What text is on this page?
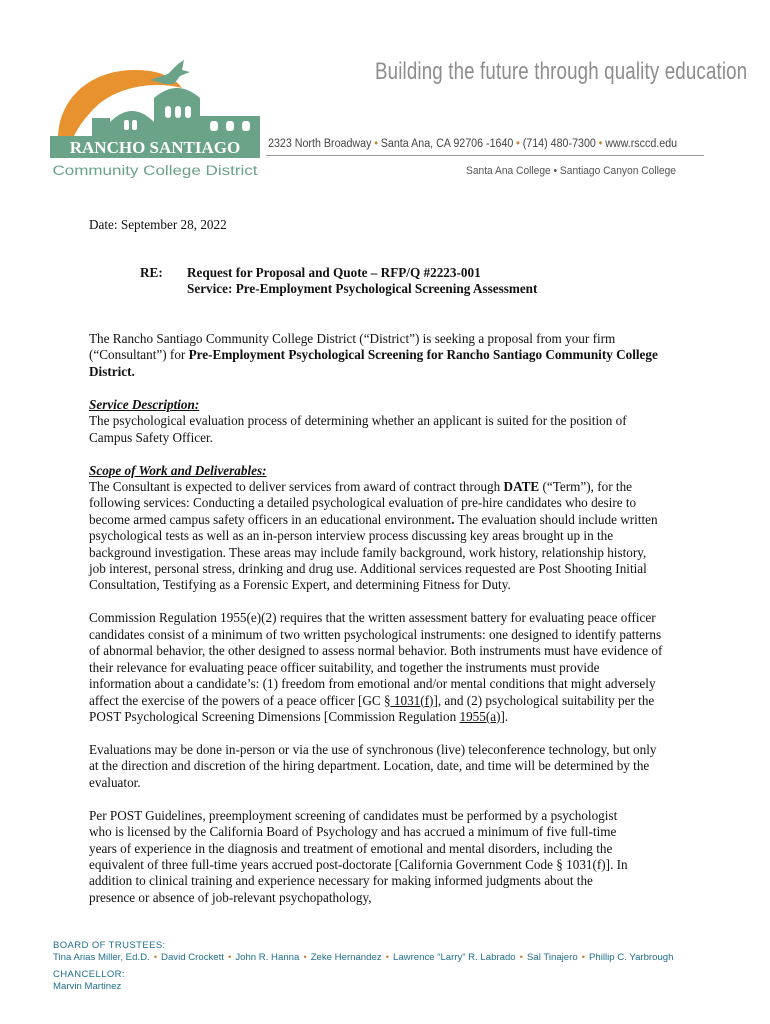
RANCHO SANTIAGO
Community College District
Building the future through quality education
2323 North Broadway • Santa Ana, CA 92706 -1640 • (714) 480-7300 • www.rsccd.edu
Santa Ana College • Santiago Canyon College
Date: September 28, 2022
RE: Request for Proposal and Quote – RFP/Q #2223-001
Service: Pre-Employment Psychological Screening Assessment

The Rancho Santiago Community College District (“District”) is seeking a proposal from your firm (“Consultant”) for Pre-Employment Psychological Screening for Rancho Santiago Community College District.

Service Description:
The psychological evaluation process of determining whether an applicant is suited for the position of Campus Safety Officer.

Scope of Work and Deliverables:
The Consultant is expected to deliver services from award of contract through DATE (“Term”), for the following services: Conducting a detailed psychological evaluation of pre-hire candidates who desire to become armed campus safety officers in an educational environment. The evaluation should include written psychological tests as well as an in-person interview process discussing key areas brought up in the background investigation. These areas may include family background, work history, relationship history, job interest, personal stress, drinking and drug use. Additional services requested are Post Shooting Initial Consultation, Testifying as a Forensic Expert, and determining Fitness for Duty.

Commission Regulation 1955(e)(2) requires that the written assessment battery for evaluating peace officer candidates consist of a minimum of two written psychological instruments: one designed to identify patterns of abnormal behavior, the other designed to assess normal behavior. Both instruments must have evidence of their relevance for evaluating peace officer suitability, and together the instruments must provide information about a candidate’s: (1) freedom from emotional and/or mental conditions that might adversely affect the exercise of the powers of a peace officer [GC § 1031(f)], and (2) psychological suitability per the POST Psychological Screening Dimensions [Commission Regulation 1955(a)].

Evaluations may be done in-person or via the use of synchronous (live) teleconference technology, but only at the direction and discretion of the hiring department. Location, date, and time will be determined by the evaluator.

Per POST Guidelines, preemployment screening of candidates must be performed by a psychologist who is licensed by the California Board of Psychology and has accrued a minimum of five full-time years of experience in the diagnosis and treatment of emotional and mental disorders, including the equivalent of three full-time years accrued post-doctorate [California Government Code § 1031(f)]. In addition to clinical training and experience necessary for making informed judgments about the presence or absence of job-relevant psychopathology,

BOARD OF TRUSTEES:
Tina Arias Miller, Ed.D. • David Crockett • John R. Hanna • Zeke Hernandez • Lawrence “Larry” R. Labrado • Sal Tinajero • Phillip C. Yarbrough
CHANCELLOR:
Marvin Martinez
